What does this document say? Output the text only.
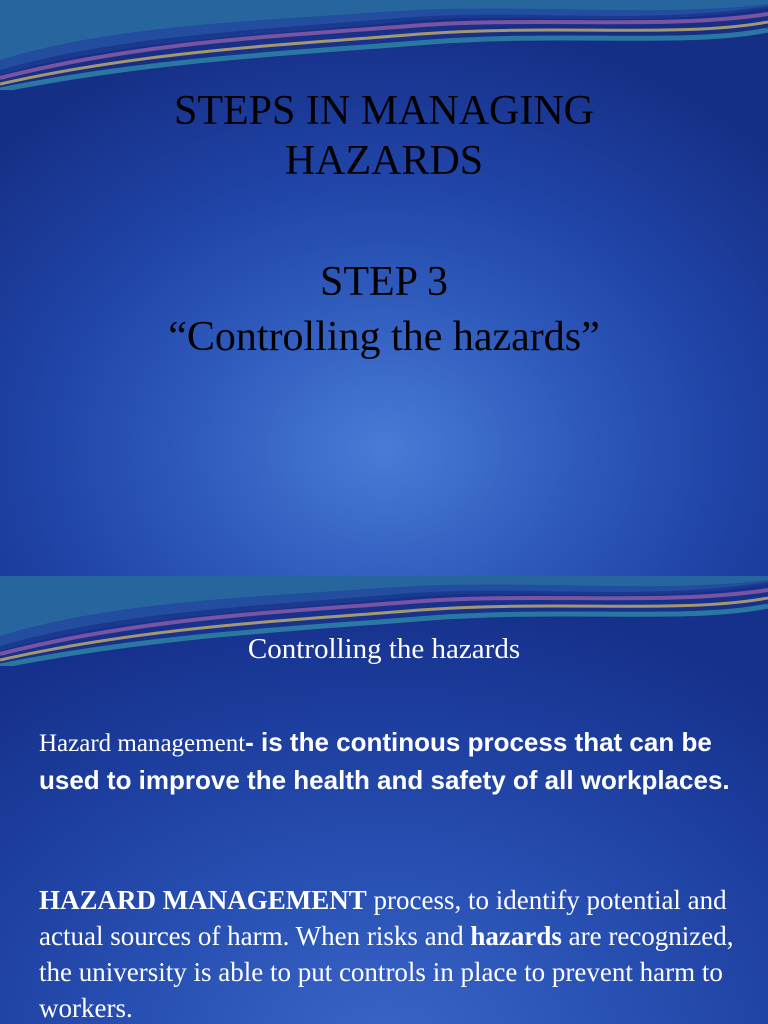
STEPS IN MANAGING
HAZARDS
STEP 3
“Controlling the hazards”
Controlling the hazards
Hazard management- is the continous process that can be used to improve the health and safety of all workplaces.
HAZARD MANAGEMENT process, to identify potential and actual sources of harm. When risks and hazards are recognized, the university is able to put controls in place to prevent harm to workers.
